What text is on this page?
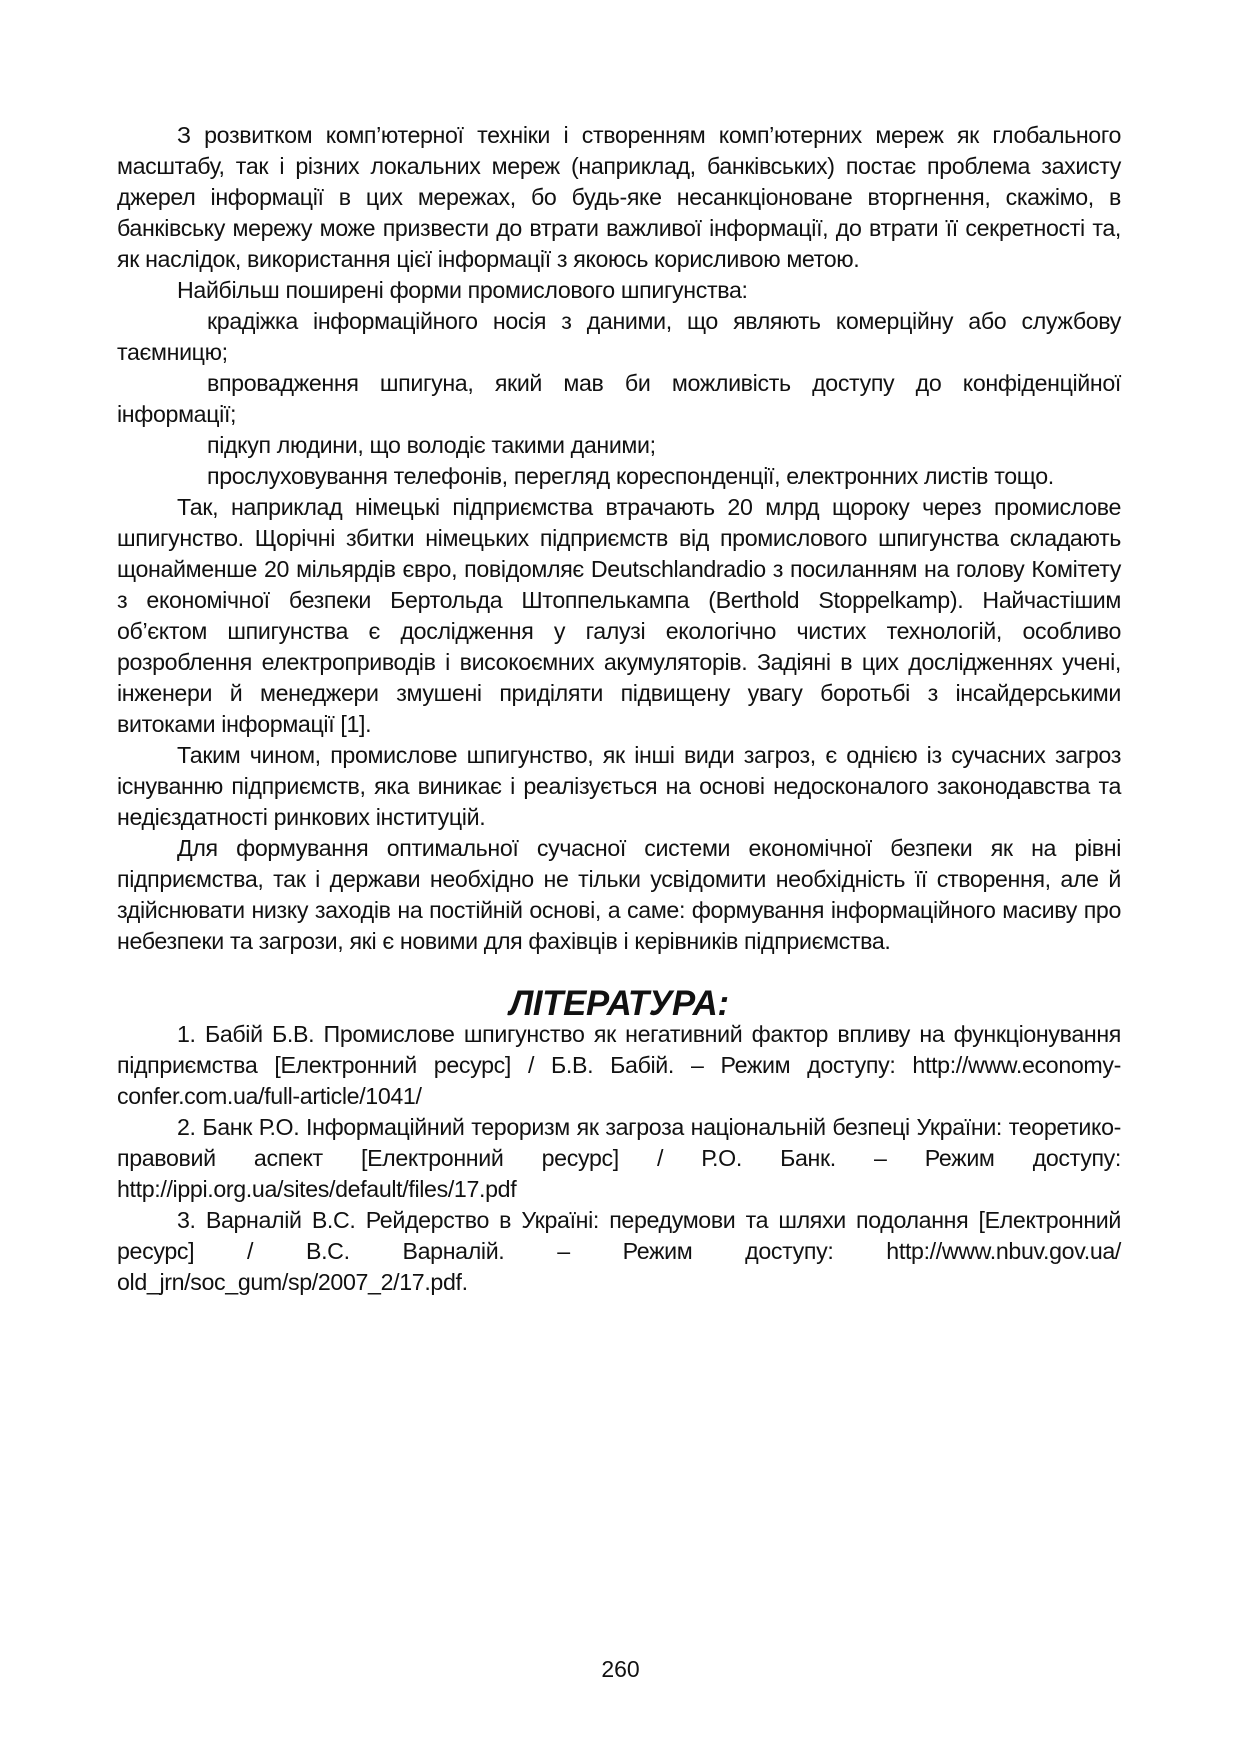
З розвитком комп’ютерної техніки і створенням комп’ютерних мереж як глобального масштабу, так і різних локальних мереж (наприклад, банківських) постає проблема захисту джерел інформації в цих мережах, бо будь-яке несанкціоноване вторгнення, скажімо, в банківську мережу може призвести до втрати важливої інформації, до втрати її секретності та, як наслідок, використання цієї інформації з якоюсь корисливою метою.

Найбільш поширені форми промислового шпигунства:

крадіжка інформаційного носія з даними, що являють комерційну або службову таємницю;

впровадження шпигуна, який мав би можливість доступу до конфіденційної інформації;

підкуп людини, що володіє такими даними;

прослуховування телефонів, перегляд кореспонденції, електронних листів тощо.

Так, наприклад німецькі підприємства втрачають 20 млрд щороку через промислове шпигунство. Щорічні збитки німецьких підприємств від промислового шпигунства складають щонайменше 20 мільярдів євро, повідомляє Deutschlandradio з посиланням на голову Комітету з економічної безпеки Бертольда Штоппелькампа (Berthold Stoppelkamp). Найчастішим об’єктом шпигунства є дослідження у галузі екологічно чистих технологій, особливо розроблення електроприводів і високоємних акумуляторів. Задіяні в цих дослідженнях учені, інженери й менеджери змушені приділяти підвищену увагу боротьбі з інсайдерськими витоками інформації [1].

Таким чином, промислове шпигунство, як інші види загроз, є однією із сучасних загроз існуванню підприємств, яка виникає і реалізується на основі недосконалого законодавства та недієздатності ринкових інституцій.

Для формування оптимальної сучасної системи економічної безпеки як на рівні підприємства, так і держави необхідно не тільки усвідомити необхідність її створення, але й здійснювати низку заходів на постійній основі, а саме: формування інформаційного масиву про небезпеки та загрози, які є новими для фахівців і керівників підприємства.

ЛІТЕРАТУРА:

1. Бабій Б.В. Промислове шпигунство як негативний фактор впливу на функціонування підприємства [Електронний ресурс] / Б.В. Бабій. – Режим доступу: http://www.economy-confer.com.ua/full-article/1041/

2. Банк Р.О. Інформаційний тероризм як загроза національній безпеці України: теоретико-правовий аспект [Електронний ресурс] / Р.О. Банк. – Режим доступу: http://ippi.org.ua/sites/default/files/17.pdf

3. Варналій В.С. Рейдерство в Україні: передумови та шляхи подолання [Електронний ресурс] / В.С. Варналій. – Режим доступу: http://www.nbuv.gov.ua/ old_jrn/soc_gum/sp/2007_2/17.pdf.

260
